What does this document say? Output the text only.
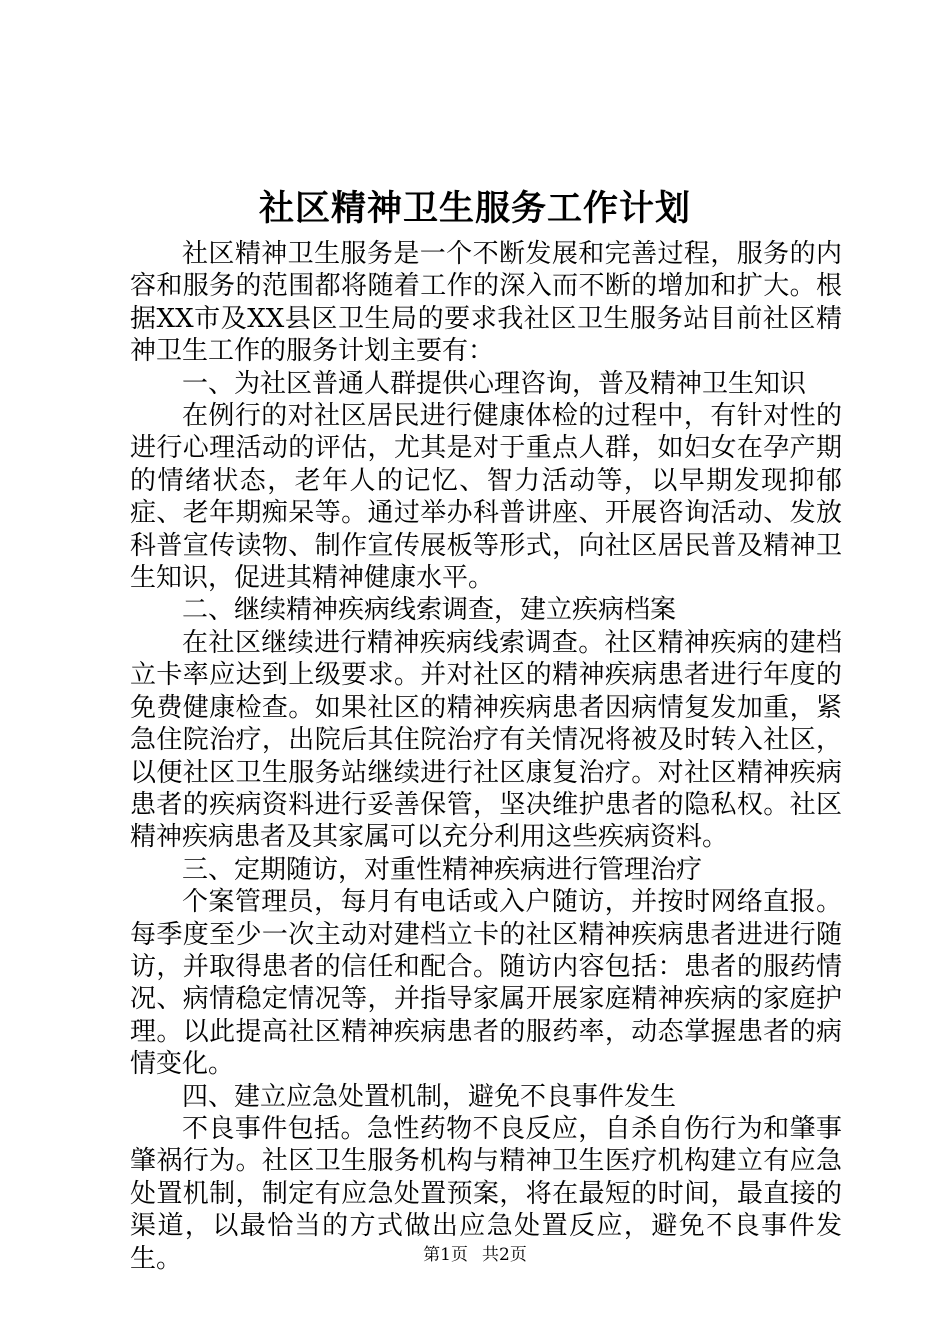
社区精神卫生服务工作计划

社区精神卫生服务是一个不断发展和完善过程，服务的内容和服务的范围都将随着工作的深入而不断的增加和扩大。根据XX市及XX县区卫生局的要求我社区卫生服务站目前社区精神卫生工作的服务计划主要有：

一、为社区普通人群提供心理咨询，普及精神卫生知识

在例行的对社区居民进行健康体检的过程中，有针对性的进行心理活动的评估，尤其是对于重点人群，如妇女在孕产期的情绪状态，老年人的记忆、智力活动等，以早期发现抑郁症、老年期痴呆等。通过举办科普讲座、开展咨询活动、发放科普宣传读物、制作宣传展板等形式，向社区居民普及精神卫生知识，促进其精神健康水平。

二、继续精神疾病线索调查，建立疾病档案

在社区继续进行精神疾病线索调查。社区精神疾病的建档立卡率应达到上级要求。并对社区的精神疾病患者进行年度的免费健康检查。如果社区的精神疾病患者因病情复发加重，紧急住院治疗，出院后其住院治疗有关情况将被及时转入社区，以便社区卫生服务站继续进行社区康复治疗。对社区精神疾病患者的疾病资料进行妥善保管，坚决维护患者的隐私权。社区精神疾病患者及其家属可以充分利用这些疾病资料。

三、定期随访，对重性精神疾病进行管理治疗

个案管理员，每月有电话或入户随访，并按时网络直报。每季度至少一次主动对建档立卡的社区精神疾病患者进进行随访，并取得患者的信任和配合。随访内容包括：患者的服药情况、病情稳定情况等，并指导家属开展家庭精神疾病的家庭护理。以此提高社区精神疾病患者的服药率，动态掌握患者的病情变化。

四、建立应急处置机制，避免不良事件发生

不良事件包括。急性药物不良反应，自杀自伤行为和肇事肇祸行为。社区卫生服务机构与精神卫生医疗机构建立有应急处置机制，制定有应急处置预案，将在最短的时间，最直接的渠道，以最恰当的方式做出应急处置反应，避免不良事件发生。	第1页 共2页
